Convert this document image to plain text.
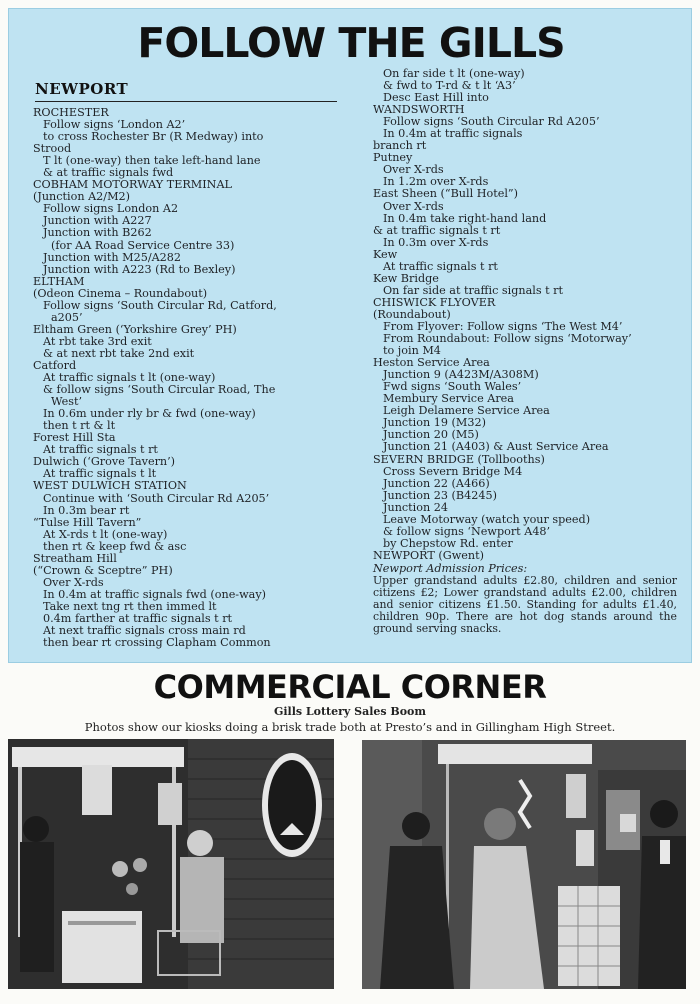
FOLLOW THE GILLS
NEWPORT
ROCHESTER
Follow signs ‘London A2’
to cross Rochester Br (R Medway) into
Strood
T lt (one-way) then take left-hand lane
& at traffic signals fwd
COBHAM MOTORWAY TERMINAL
(Junction A2/M2)
Follow signs London A2
Junction with A227
Junction with B262
(for AA Road Service Centre 33)
Junction with M25/A282
Junction with A223 (Rd to Bexley)
ELTHAM
(Odeon Cinema – Roundabout)
Follow signs ‘South Circular Rd, Catford,
a205’
Eltham Green (‘Yorkshire Grey’ PH)
At rbt take 3rd exit
& at next rbt take 2nd exit
Catford
At traffic signals t lt (one-way)
& follow signs ‘South Circular Road, The
West’
In 0.6m under rly br & fwd (one-way)
then t rt & lt
Forest Hill Sta
At traffic signals t rt
Dulwich (‘Grove Tavern’)
At traffic signals t lt
WEST DULWICH STATION
Continue with ‘South Circular Rd A205’
In 0.3m bear rt
“Tulse Hill Tavern”
At X-rds t lt (one-way)
then rt & keep fwd & asc
Streatham Hill
(“Crown & Sceptre” PH)
Over X-rds
In 0.4m at traffic signals fwd (one-way)
Take next tng rt then immed lt
0.4m farther at traffic signals t rt
At next traffic signals cross main rd
then bear rt crossing Clapham Common
On far side t lt (one-way)
& fwd to T-rd & t lt ‘A3’
Desc East Hill into
WANDSWORTH
Follow signs ‘South Circular Rd A205’
In 0.4m at traffic signals
branch rt
Putney
Over X-rds
In 1.2m over X-rds
East Sheen (“Bull Hotel”)
Over X-rds
In 0.4m take right-hand land
& at traffic signals t rt
In 0.3m over X-rds
Kew
At traffic signals t rt
Kew Bridge
On far side at traffic signals t rt
CHISWICK FLYOVER
(Roundabout)
From Flyover: Follow signs ‘The West M4’
From Roundabout: Follow signs ‘Motorway’
to join M4
Heston Service Area
Junction 9 (A423M/A308M)
Fwd signs ‘South Wales’
Membury Service Area
Leigh Delamere Service Area
Junction 19 (M32)
Junction 20 (M5)
Junction 21 (A403) & Aust Service Area
SEVERN BRIDGE (Tollbooths)
Cross Severn Bridge M4
Junction 22 (A466)
Junction 23 (B4245)
Junction 24
Leave Motorway (watch your speed)
& follow signs ‘Newport A48’
by Chepstow Rd. enter
NEWPORT (Gwent)
Newport Admission Prices:
Upper grandstand adults £2.80, children and senior citizens £2; Lower grandstand adults £2.00, children and senior citizens £1.50. Standing for adults £1.40, children 90p. There are hot dog stands around the ground serving snacks.
COMMERCIAL CORNER
Gills Lottery Sales Boom
Photos show our kiosks doing a brisk trade both at Presto’s and in Gillingham High Street.
